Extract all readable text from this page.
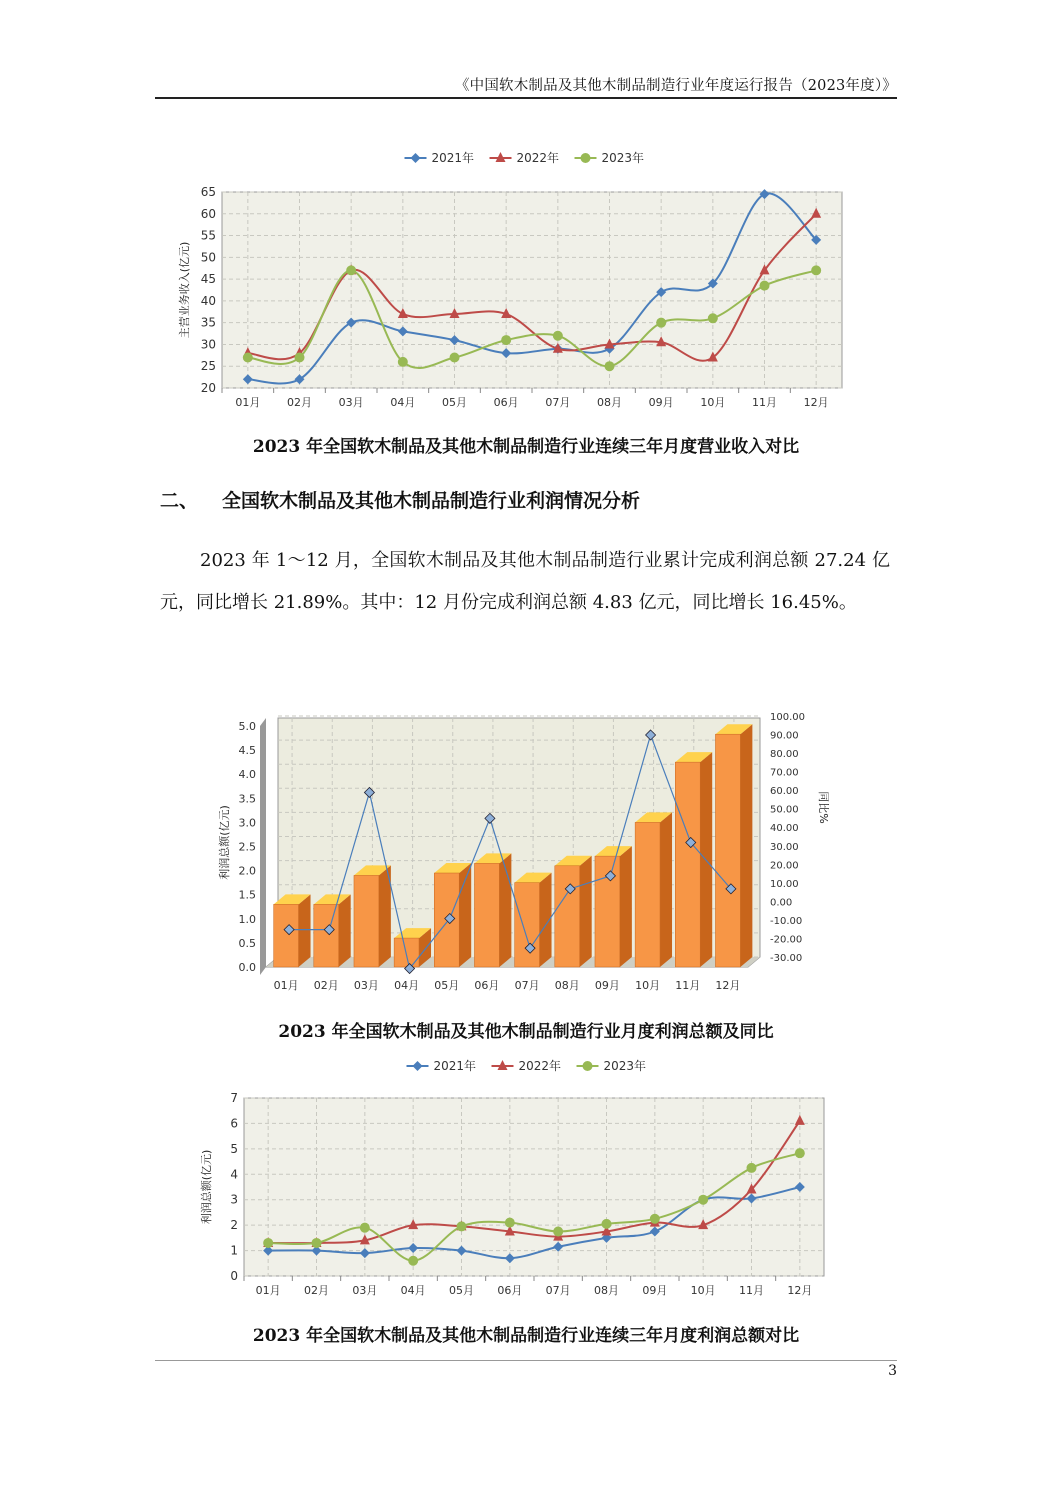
《中国软木制品及其他木制品制造行业年度运行报告（2023年度）》
20
25
30
35
40
45
50
55
60
65
01月 02月 03月 04月 05月 06月 07月 08月 09月 10月 11月 12月
主营业务收入(亿元)
2021年	2022年	2023年
2023 年全国软木制品及其他木制品制造行业连续三年月度营业收入对比
二、 全国软木制品及其他木制品制造行业利润情况分析

2023 年 1～12 月，全国软木制品及其他木制品制造行业累计完成利润总额 27.24 亿元，同比增长 21.89%。其中：12 月份完成利润总额 4.83 亿元，同比增长 16.45%。

0.0
0.5
1.0
1.5
2.0
2.5
3.0
3.5
4.0
4.5
5.0
-30.00
-20.00
-10.00
0.00
10.00
20.00
30.00
40.00
50.00
60.00
70.00
80.00
90.00
100.00
01月 02月 03月 04月 05月 06月 07月 08月 09月 10月 11月 12月
利润总额(亿元)	同比%
2023 年全国软木制品及其他木制品制造行业月度利润总额及同比
0
1
2
3
4
5
6
7
01月 02月 03月 04月 05月 06月 07月 08月 09月 10月 11月 12月
利润总额(亿元)
2021年	2022年	2023年
2023 年全国软木制品及其他木制品制造行业连续三年月度利润总额对比
3
